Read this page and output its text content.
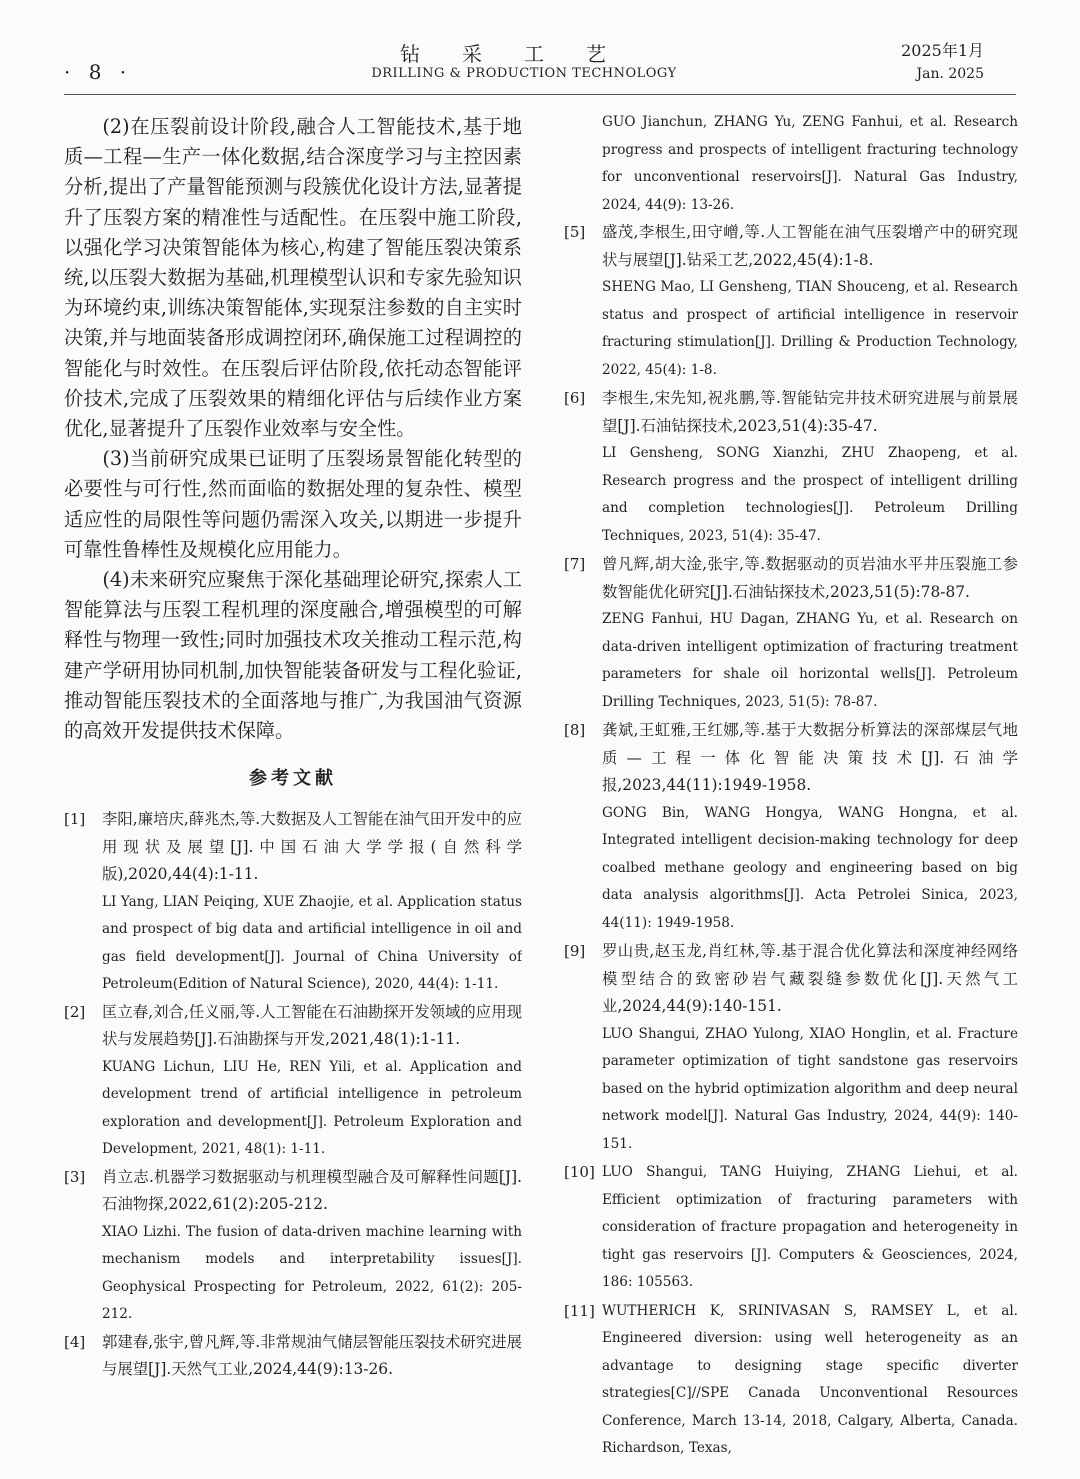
· 8 ·
钻采工艺
DRILLING & PRODUCTION TECHNOLOGY
2025年1月
Jan. 2025

(2)在压裂前设计阶段,融合人工智能技术,基于地质—工程—生产一体化数据,结合深度学习与主控因素分析,提出了产量智能预测与段簇优化设计方法,显著提升了压裂方案的精准性与适配性。在压裂中施工阶段,以强化学习决策智能体为核心,构建了智能压裂决策系统,以压裂大数据为基础,机理模型认识和专家先验知识为环境约束,训练决策智能体,实现泵注参数的自主实时决策,并与地面装备形成调控闭环,确保施工过程调控的智能化与时效性。在压裂后评估阶段,依托动态智能评价技术,完成了压裂效果的精细化评估与后续作业方案优化,显著提升了压裂作业效率与安全性。

(3)当前研究成果已证明了压裂场景智能化转型的必要性与可行性,然而面临的数据处理的复杂性、模型适应性的局限性等问题仍需深入攻关,以期进一步提升可靠性鲁棒性及规模化应用能力。

(4)未来研究应聚焦于深化基础理论研究,探索人工智能算法与压裂工程机理的深度融合,增强模型的可解释性与物理一致性;同时加强技术攻关推动工程示范,构建产学研用协同机制,加快智能装备研发与工程化验证,推动智能压裂技术的全面落地与推广,为我国油气资源的高效开发提供技术保障。

参考文献
[1]	李阳,廉培庆,薛兆杰,等.大数据及人工智能在油气田开发中的应用现状及展望[J].中国石油大学学报(自然科学版),2020,44(4):1-11.
LI Yang, LIAN Peiqing, XUE Zhaojie, et al. Application status and prospect of big data and artificial intelligence in oil and gas field development[J]. Journal of China University of Petroleum(Edition of Natural Science), 2020, 44(4): 1-11.
[2]	匡立春,刘合,任义丽,等.人工智能在石油勘探开发领域的应用现状与发展趋势[J].石油勘探与开发,2021,48(1):1-11.
KUANG Lichun, LIU He, REN Yili, et al. Application and development trend of artificial intelligence in petroleum exploration and development[J]. Petroleum Exploration and Development, 2021, 48(1): 1-11.
[3]	肖立志.机器学习数据驱动与机理模型融合及可解释性问题[J].石油物探,2022,61(2):205-212.
XIAO Lizhi. The fusion of data-driven machine learning with mechanism models and interpretability issues[J]. Geophysical Prospecting for Petroleum, 2022, 61(2): 205-212.
[4]	郭建春,张宇,曾凡辉,等.非常规油气储层智能压裂技术研究进展与展望[J].天然气工业,2024,44(9):13-26.
GUO Jianchun, ZHANG Yu, ZENG Fanhui, et al. Research progress and prospects of intelligent fracturing technology for unconventional reservoirs[J]. Natural Gas Industry, 2024, 44(9): 13-26.
[5]	盛茂,李根生,田守嶒,等.人工智能在油气压裂增产中的研究现状与展望[J].钻采工艺,2022,45(4):1-8.
SHENG Mao, LI Gensheng, TIAN Shouceng, et al. Research status and prospect of artificial intelligence in reservoir fracturing stimulation[J]. Drilling & Production Technology, 2022, 45(4): 1-8.
[6]	李根生,宋先知,祝兆鹏,等.智能钻完井技术研究进展与前景展望[J].石油钻探技术,2023,51(4):35-47.
LI Gensheng, SONG Xianzhi, ZHU Zhaopeng, et al. Research progress and the prospect of intelligent drilling and completion technologies[J]. Petroleum Drilling Techniques, 2023, 51(4): 35-47.
[7]	曾凡辉,胡大淦,张宇,等.数据驱动的页岩油水平井压裂施工参数智能优化研究[J].石油钻探技术,2023,51(5):78-87.
ZENG Fanhui, HU Dagan, ZHANG Yu, et al. Research on data-driven intelligent optimization of fracturing treatment parameters for shale oil horizontal wells[J]. Petroleum Drilling Techniques, 2023, 51(5): 78-87.
[8]	龚斌,王虹雅,王红娜,等.基于大数据分析算法的深部煤层气地质—工程一体化智能决策技术[J].石油学报,2023,44(11):1949-1958.
GONG Bin, WANG Hongya, WANG Hongna, et al. Integrated intelligent decision-making technology for deep coalbed methane geology and engineering based on big data analysis algorithms[J]. Acta Petrolei Sinica, 2023, 44(11): 1949-1958.
[9]	罗山贵,赵玉龙,肖红林,等.基于混合优化算法和深度神经网络模型结合的致密砂岩气藏裂缝参数优化[J].天然气工业,2024,44(9):140-151.
LUO Shangui, ZHAO Yulong, XIAO Honglin, et al. Fracture parameter optimization of tight sandstone gas reservoirs based on the hybrid optimization algorithm and deep neural network model[J]. Natural Gas Industry, 2024, 44(9): 140-151.
[10] LUO Shangui, TANG Huiying, ZHANG Liehui, et al. Efficient optimization of fracturing parameters with consideration of fracture propagation and heterogeneity in tight gas reservoirs [J]. Computers & Geosciences, 2024, 186: 105563.
[11] WUTHERICH K, SRINIVASAN S, RAMSEY L, et al. Engineered diversion: using well heterogeneity as an advantage to designing stage specific diverter strategies[C]//SPE Canada Unconventional Resources Conference, March 13-14, 2018, Calgary, Alberta, Canada. Richardson, Texas,
